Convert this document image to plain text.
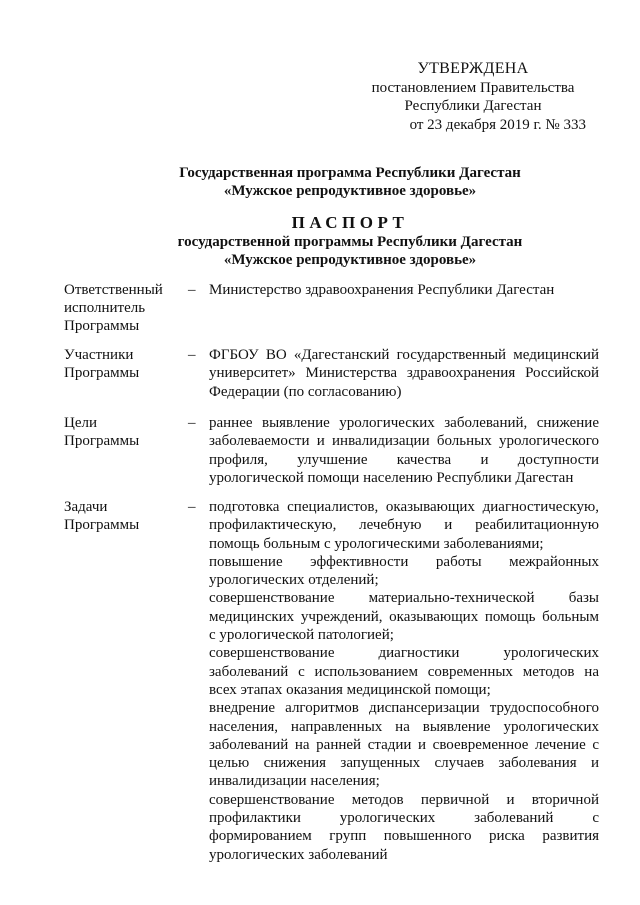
УТВЕРЖДЕНА
постановлением Правительства
Республики Дагестан
от 23 декабря 2019 г. № 333
Государственная программа Республики Дагестан
«Мужское репродуктивное здоровье»
ПАСПОРТ
государственной программы Республики Дагестан
«Мужское репродуктивное здоровье»
Ответственный
исполнитель
Программы
– Министерство здравоохранения Республики Дагестан
Участники
Программы
– ФГБОУ ВО «Дагестанский государственный медицинский
университет» Министерства здравоохранения Российской
Федерации (по согласованию)
Цели
Программы
– раннее выявление урологических заболеваний, снижение
заболеваемости и инвалидизации больных урологического
профиля, улучшение качества и доступности
урологической помощи населению Республики Дагестан
Задачи
Программы
– подготовка специалистов, оказывающих диагностическую,
профилактическую, лечебную и реабилитационную
помощь больным с урологическими заболеваниями;
повышение эффективности работы межрайонных
урологических отделений;
совершенствование материально-технической базы
медицинских учреждений, оказывающих помощь больным
с урологической патологией;
совершенствование диагностики урологических
заболеваний с использованием современных методов на
всех этапах оказания медицинской помощи;
внедрение алгоритмов диспансеризации трудоспособного
населения, направленных на выявление урологических
заболеваний на ранней стадии и своевременное лечение с
целью снижения запущенных случаев заболевания и
инвалидизации населения;
совершенствование методов первичной и вторичной
профилактики урологических заболеваний с
формированием групп повышенного риска развития
урологических заболеваний
